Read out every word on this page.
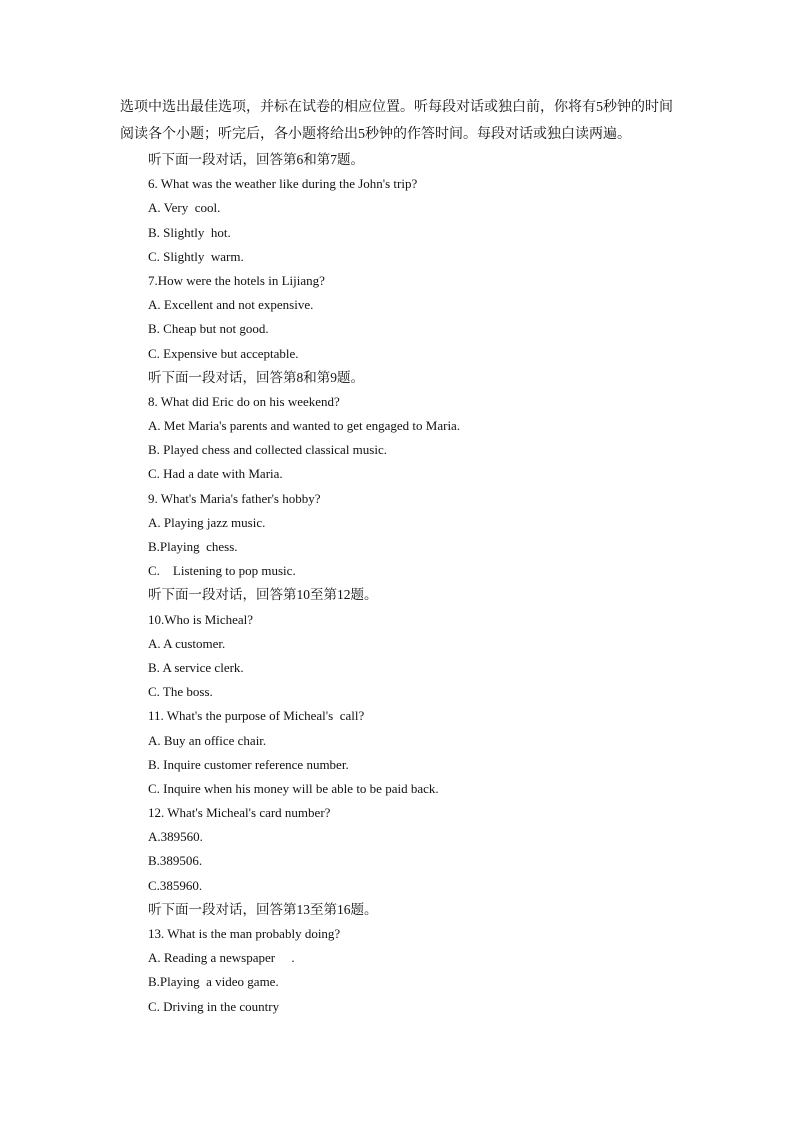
选项中选出最佳选项，并标在试卷的相应位置。听每段对话或独白前，你将有5秒钟的时间

阅读各个小题；听完后，各小题将给出5秒钟的作答时间。每段对话或独白读两遍。

听下面一段对话，回答第6和第7题。

6. What was the weather like during the John's trip?

A. Very  cool.

B. Slightly  hot.

C. Slightly  warm.

7.How were the hotels in Lijiang?

A. Excellent and not expensive.

B. Cheap but not good.

C. Expensive but acceptable.

听下面一段对话，回答第8和第9题。

8. What did Eric do on his weekend?

A. Met Maria's parents and wanted to get engaged to Maria.

B. Played chess and collected classical music.

C. Had a date with Maria.

9. What's Maria's father's hobby?

A. Playing jazz music.

B.Playing  chess.

C.    Listening to pop music.

听下面一段对话，回答第10至第12题。

10.Who is Micheal?

A. A customer.

B. A service clerk.

C. The boss.

11. What's the purpose of Micheal's  call?

A. Buy an office chair.

B. Inquire customer reference number.

C. Inquire when his money will be able to be paid back.

12. What's Micheal's card number?

A.389560.

B.389506.

C.385960.

听下面一段对话，回答第13至第16题。

13. What is the man probably doing?

A. Reading a newspaper     .

B.Playing  a video game.

C. Driving in the country
